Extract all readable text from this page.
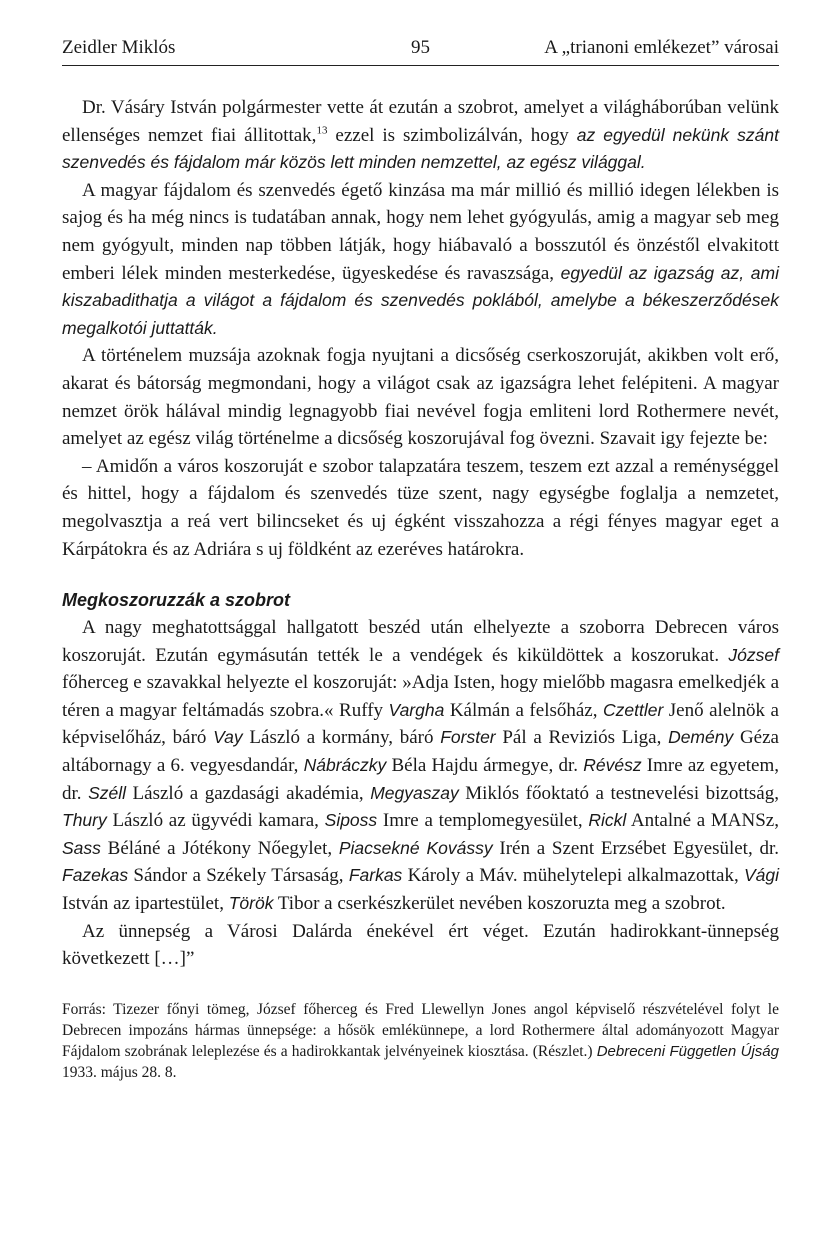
Zeidler Miklós	95	A „trianoni emlékezet” városai

Dr. Vásáry István polgármester vette át ezután a szobrot, amelyet a világháborúban velünk ellenséges nemzet fiai állitottak,$^{13}$ ezzel is szimbolizálván, hogy az egyedül nekünk szánt szenvedés és fájdalom már közös lett minden nemzettel, az egész világgal.

A magyar fájdalom és szenvedés égető kinzása ma már millió és millió idegen lélekben is sajog és ha még nincs is tudatában annak, hogy nem lehet gyógyulás, amig a magyar seb meg nem gyógyult, minden nap többen látják, hogy hiábavaló a bosszutól és önzéstől elvakitott emberi lélek minden mesterkedése, ügyeskedése és ravaszsága, egyedül az igazság az, ami kiszabadithatja a világot a fájdalom és szenvedés poklából, amelybe a békeszerződések megalkotói juttatták.

A történelem muzsája azoknak fogja nyujtani a dicsőség cserkoszoruját, akikben volt erő, akarat és bátorság megmondani, hogy a világot csak az igazságra lehet felépiteni. A magyar nemzet örök hálával mindig legnagyobb fiai nevével fogja emliteni lord Rothermere nevét, amelyet az egész világ történelme a dicsőség koszorujával fog övezni. Szavait igy fejezte be:

– Amidőn a város koszoruját e szobor talapzatára teszem, teszem ezt azzal a reménységgel és hittel, hogy a fájdalom és szenvedés tüze szent, nagy egységbe foglalja a nemzetet, megolvasztja a reá vert bilincseket és uj égként visszahozza a régi fényes magyar eget a Kárpátokra és az Adriára s uj földként az ezeréves határokra.

Megkoszoruzzák a szobrot

A nagy meghatottsággal hallgatott beszéd után elhelyezte a szoborra Debrecen város koszoruját. Ezután egymásután tették le a vendégek és kiküldöttek a koszorukat. József főherceg e szavakkal helyezte el koszoruját: »Adja Isten, hogy mielőbb magasra emelkedjék a téren a magyar feltámadás szobra.« Ruffy Vargha Kálmán a felsőház, Czettler Jenő alelnök a képviselőház, báró Vay László a kormány, báró Forster Pál a Reviziós Liga, Demény Géza altábornagy a 6. vegyesdandár, Nábráczky Béla Hajdu ármegye, dr. Révész Imre az egyetem, dr. Széll László a gazdasági akadémia, Megyaszay Miklós főoktató a testnevelési bizottság, Thury László az ügyvédi kamara, Siposs Imre a templomegyesület, Rickl Antalné a MANSz, Sass Béláné a Jótékony Nőegylet, Piacsekné Kovássy Irén a Szent Erzsébet Egyesület, dr. Fazekas Sándor a Székely Társaság, Farkas Károly a Máv. mühelytelepi alkalmazottak, Vági István az ipartestület, Török Tibor a cserkészkerület nevében koszoruzta meg a szobrot.

Az ünnepség a Városi Dalárda énekével ért véget. Ezután hadirokkant-ünnepség következett […]”

Forrás: Tizezer főnyi tömeg, József főherceg és Fred Llewellyn Jones angol képviselő részvételével folyt le Debrecen impozáns hármas ünnepsége: a hősök emlékünnepe, a lord Rothermere által adományozott Magyar Fájdalom szobrának leleplezése és a hadirokkantak jelvényeinek kiosztása. (Részlet.) Debreceni Független Újság 1933. május 28. 8.
